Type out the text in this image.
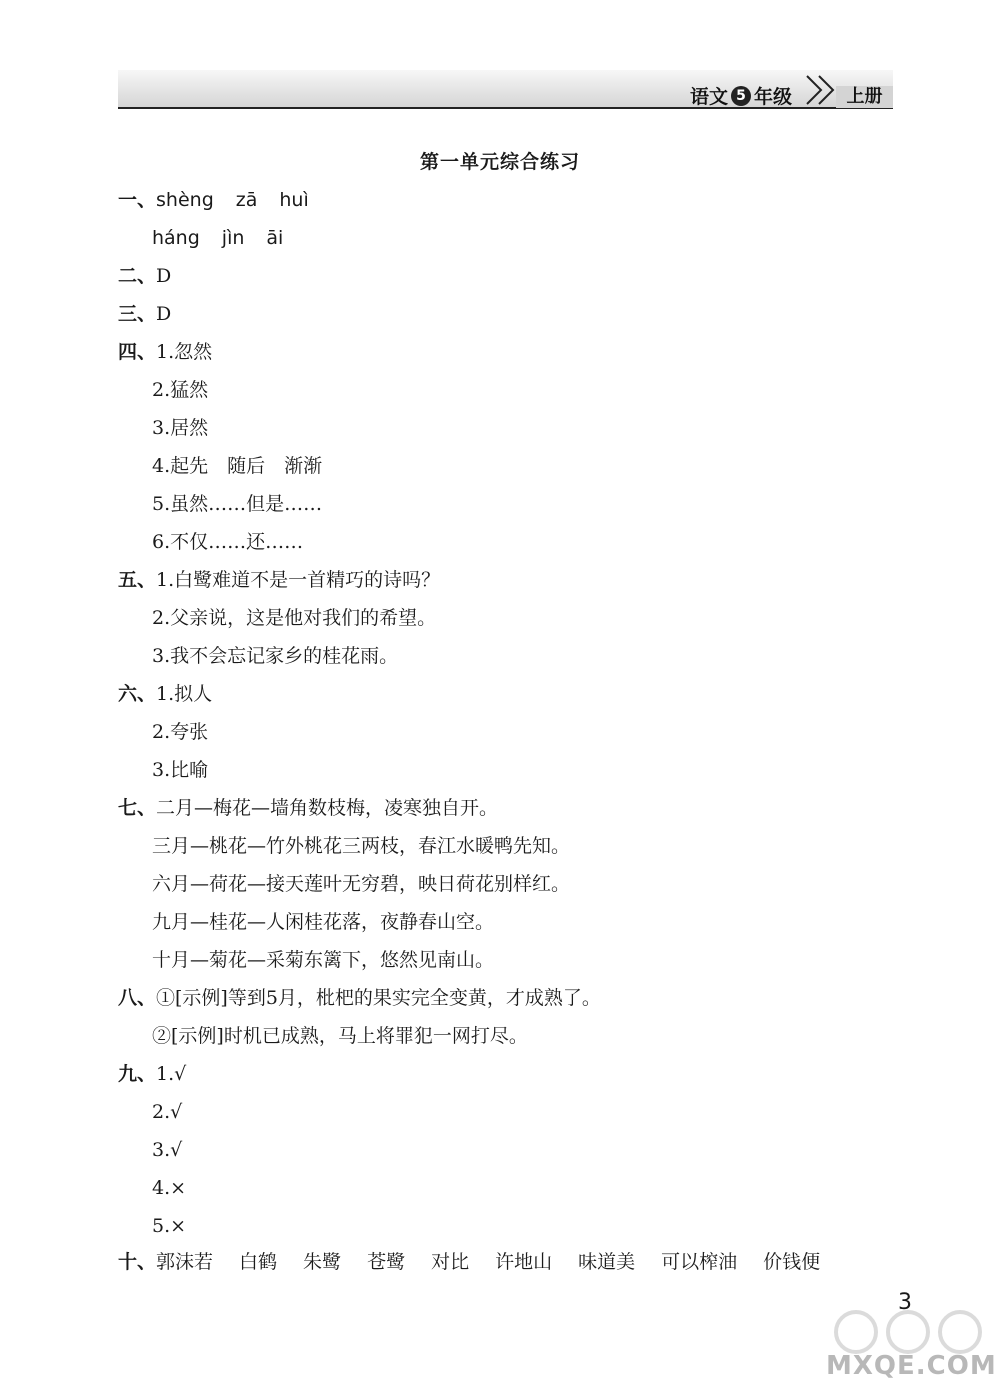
语文 5 年级	上册
第一单元综合练习
一、shèng zā huì
háng jìn āi
二、D
三、D
四、1.忽然
2.猛然
3.居然
4.起先　随后　渐渐
5.虽然……但是……
6.不仅……还……
五、1.白鹭难道不是一首精巧的诗吗？
2.父亲说，这是他对我们的希望。
3.我不会忘记家乡的桂花雨。
六、1.拟人
2.夸张
3.比喻
七、二月—梅花—墙角数枝梅，凌寒独自开。
三月—桃花—竹外桃花三两枝，春江水暖鸭先知。
六月—荷花—接天莲叶无穷碧，映日荷花别样红。
九月—桂花—人闲桂花落，夜静春山空。
十月—菊花—采菊东篱下，悠然见南山。
八、①[示例]等到5月，枇杷的果实完全变黄，才成熟了。
②[示例]时机已成熟，马上将罪犯一网打尽。
九、1.√
2.√
3.√
4.×
5.×
十、郭沫若 白鹤 朱鹭 苍鹭 对比 许地山 味道美 可以榨油 价钱便
3
MXQE.COM
